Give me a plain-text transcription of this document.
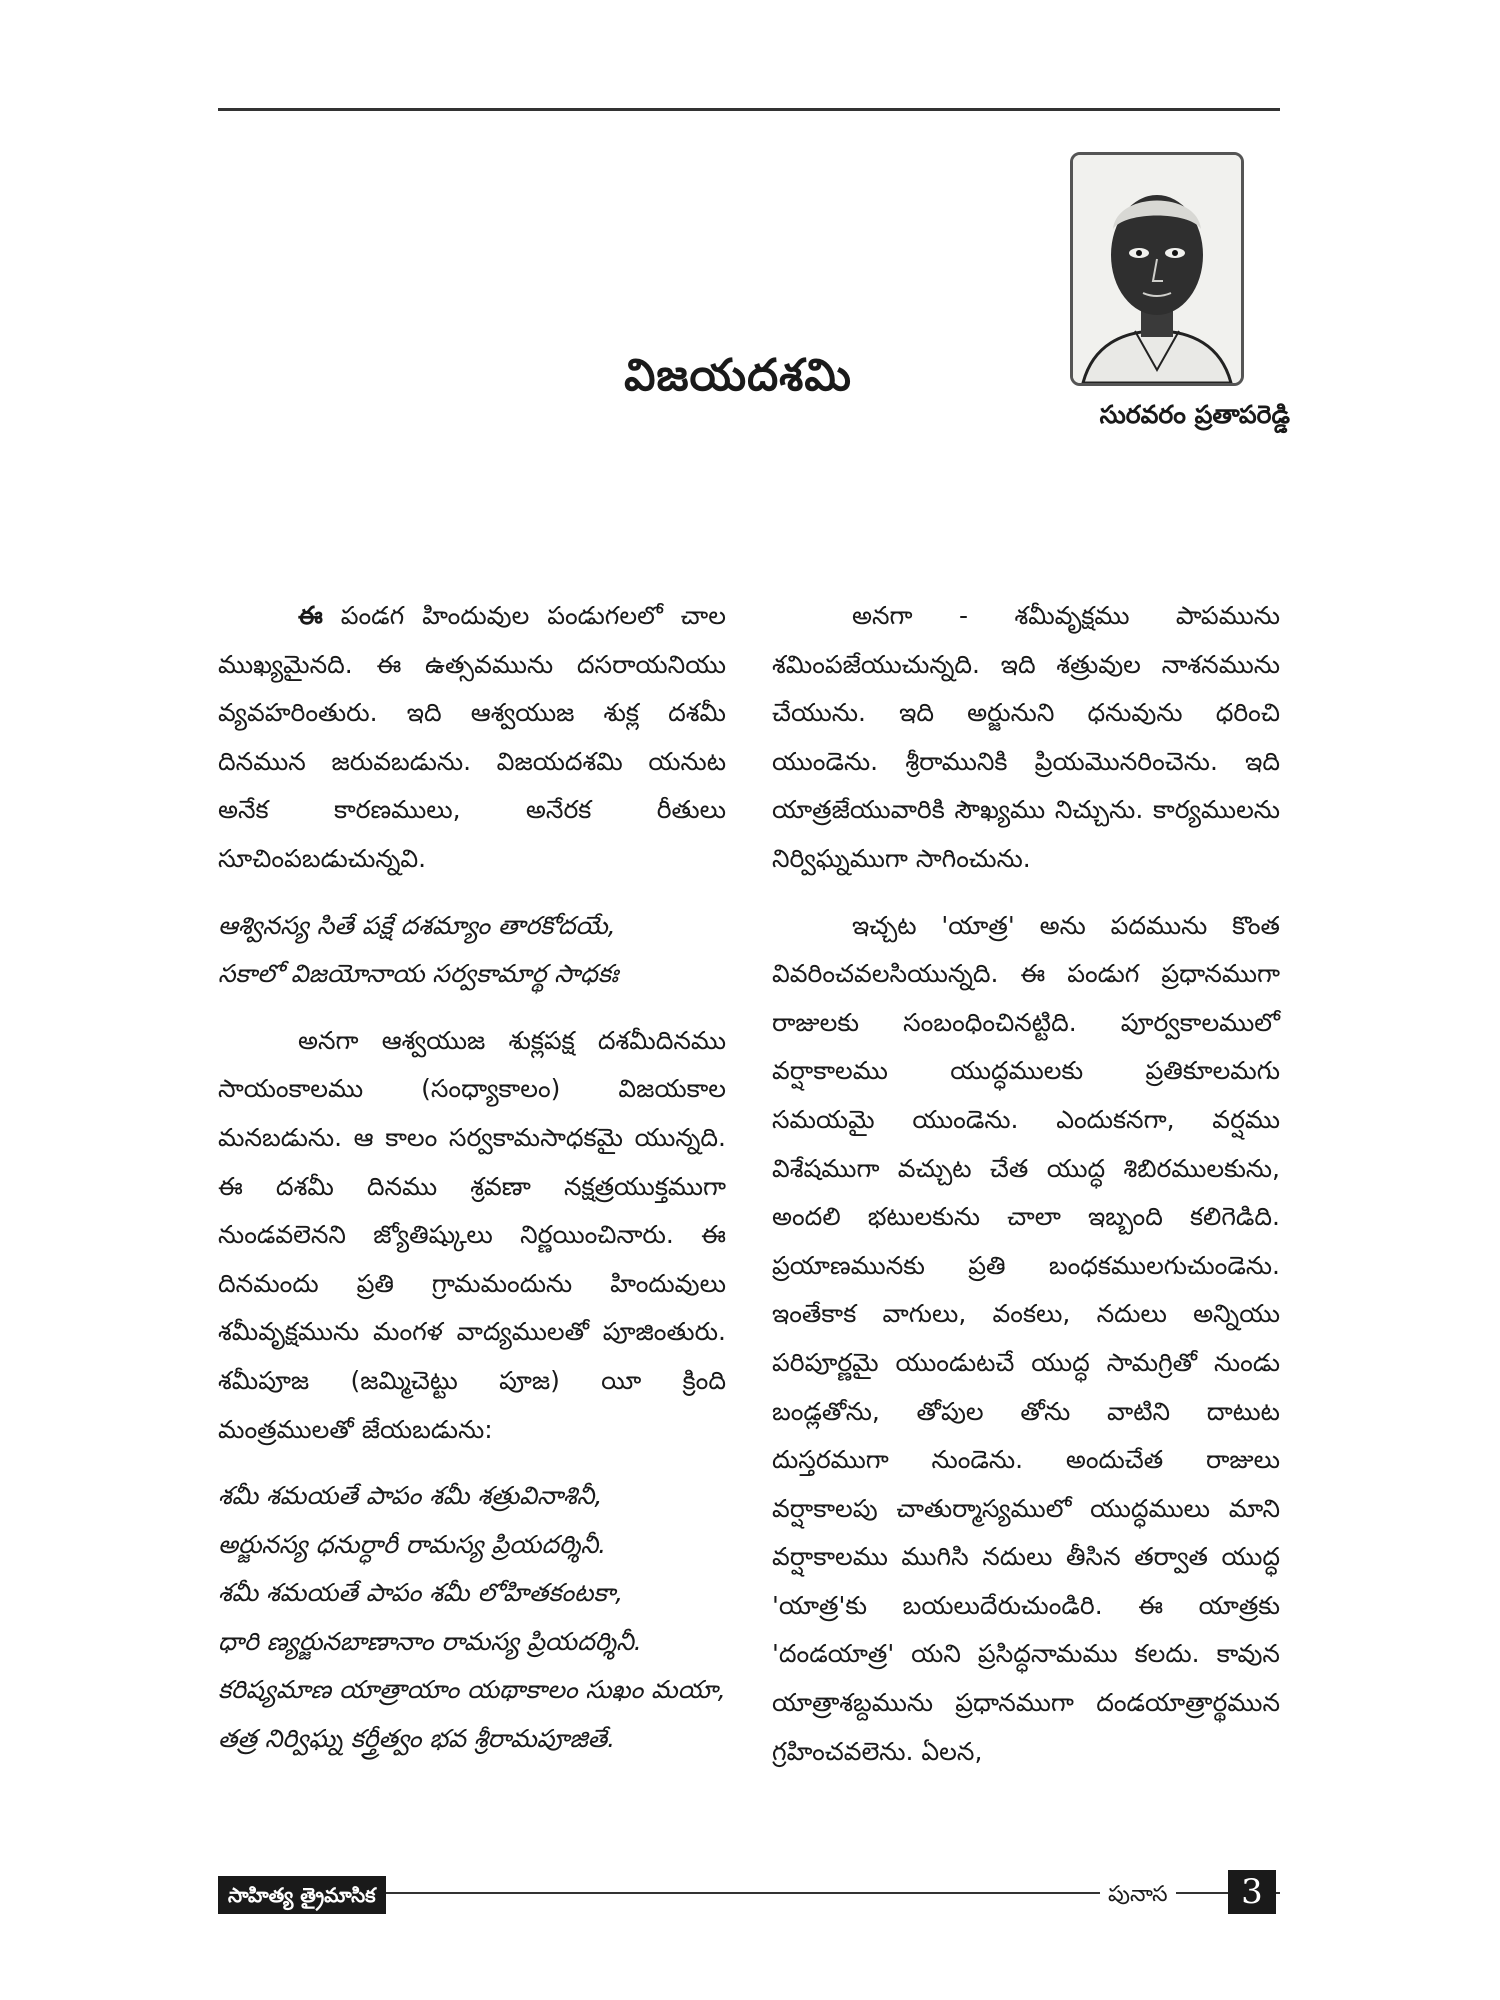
విజయదశమి
సురవరం ప్రతాపరెడ్డి

ఈ పండగ హిందువుల పండుగలలో చాల ముఖ్యమైనది. ఈ ఉత్సవమును దసరాయనియు వ్యవహరింతురు. ఇది ఆశ్వయుజ శుక్ల దశమీ దినమున జరువబడును. విజయదశమి యనుట అనేక కారణములు, అనేరక రీతులు సూచింపబడుచున్నవి.

ఆశ్వినస్య సితే పక్షే దశమ్యాం తారకోదయే,

సకాలో విజయోనాయ సర్వకామార్థ సాధకః

అనగా ఆశ్వయుజ శుక్లపక్ష దశమీదినము సాయంకాలము (సంధ్యాకాలం) విజయకాల మనబడును. ఆ కాలం సర్వకామసాధకమై యున్నది. ఈ దశమీ దినము శ్రవణా నక్షత్రయుక్తముగా నుండవలెనని జ్యోతిష్కులు నిర్ణయించినారు. ఈ దినమందు ప్రతి గ్రామమందును హిందువులు శమీవృక్షమును మంగళ వాద్యములతో పూజింతురు. శమీపూజ (జమ్మిచెట్టు పూజ) యీ క్రింది మంత్రములతో జేయబడును:

శమీ శమయతే పాపం శమీ శత్రువినాశినీ,

అర్జునస్య ధనుర్ధారీ రామస్య ప్రియదర్శినీ.

శమీ శమయతే పాపం శమీ లోహితకంటకా,

ధారి ణ్యర్జునబాణానాం రామస్య ప్రియదర్శినీ.

కరిష్యమాణ యాత్రాయాం యథాకాలం సుఖం మయా,

తత్ర నిర్విఘ్న కర్త్రీత్వం భవ శ్రీరామపూజితే.

అనగా - శమీవృక్షము పాపమును శమింపజేయుచున్నది. ఇది శత్రువుల నాశనమును చేయును. ఇది అర్జునుని ధనువును ధరించి యుండెను. శ్రీరామునికి ప్రియమొనరించెను. ఇది యాత్రజేయువారికి సౌఖ్యము నిచ్చును. కార్యములను నిర్విఘ్నముగా సాగించును.

ఇచ్చట 'యాత్ర' అను పదమును కొంత వివరించవలసియున్నది. ఈ పండుగ ప్రధానముగా రాజులకు సంబంధించినట్టిది. పూర్వకాలములో వర్షాకాలము యుద్ధములకు ప్రతికూలమగు సమయమై యుండెను. ఎందుకనగా, వర్షము విశేషముగా వచ్చుట చేత యుద్ధ శిబిరములకును, అందలి భటులకును చాలా ఇబ్బంది కలిగెడిది. ప్రయాణమునకు ప్రతి బంధకములగుచుండెను. ఇంతేకాక వాగులు, వంకలు, నదులు అన్నియు పరిపూర్ణమై యుండుటచే యుద్ధ సామగ్రితో నుండు బండ్లతోను, తోపుల తోను వాటిని దాటుట దుస్తరముగా నుండెను. అందుచేత రాజులు వర్షాకాలపు చాతుర్మాస్యములో యుద్ధములు మాని వర్షాకాలము ముగిసి నదులు తీసిన తర్వాత యుద్ధ 'యాత్ర'కు బయలుదేరుచుండిరి. ఈ యాత్రకు 'దండయాత్ర' యని ప్రసిద్ధనామము కలదు. కావున యాత్రాశబ్దమును ప్రధానముగా దండయాత్రార్థమున గ్రహించవలెను. ఏలన,

సాహిత్య త్రైమాసిక	పునాస	3
